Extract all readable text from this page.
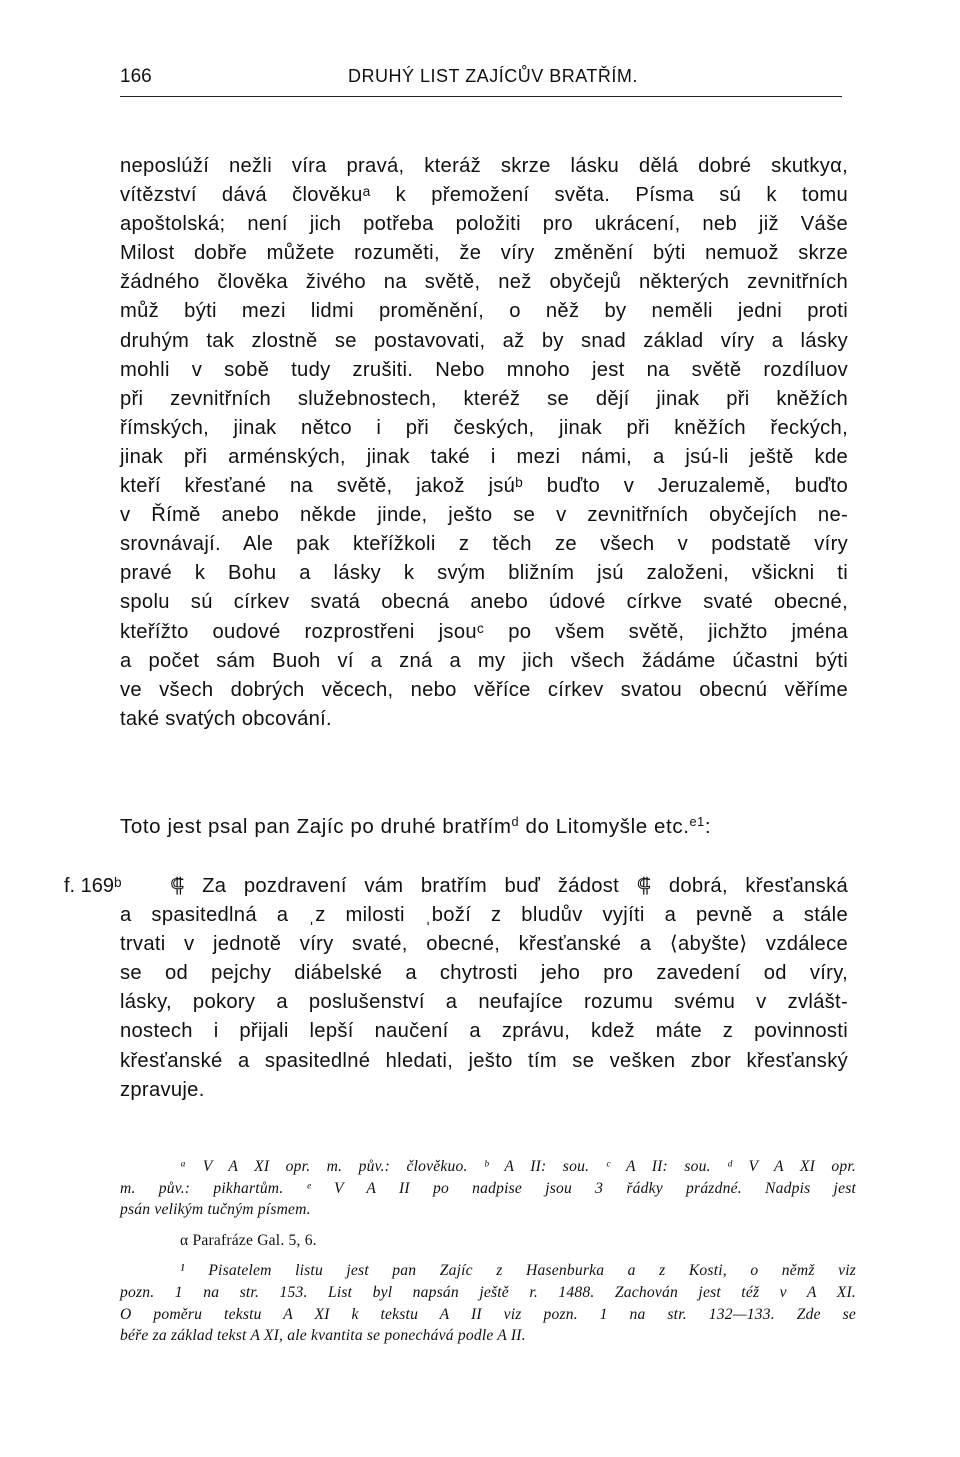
166	DRUHÝ LIST ZAJÍCŮV BRATŘÍM.
neposlúží nežli víra pravá, kteráž skrze lásku dělá dobré skutkyα,
vítězství dává člověkuᵃ k přemožení světa. Písma sú k tomu
apoštolská; není jich potřeba položiti pro ukrácení, neb již Váše
Milost dobře můžete rozuměti, že víry změnění býti nemuož skrze
žádného člověka živého na světě, než obyčejů některých zevnitřních
můž býti mezi lidmi proměnění, o něž by neměli jedni proti
druhým tak zlostně se postavovati, až by snad základ víry a lásky
mohli v sobě tudy zrušiti. Nebo mnoho jest na světě rozdíluov
při zevnitřních služebnostech, kteréž se dějí jinak při kněžích
římských, jinak nětco i při českých, jinak při kněžích řeckých,
jinak při arménských, jinak také i mezi námi, a jsú-li ještě kde
kteří křesťané na světě, jakož jsúᵇ buďto v Jeruzalemě, buďto
v Římě anebo někde jinde, ješto se v zevnitřních obyčejích ne-
srovnávají. Ale pak kteřížkoli z těch ze všech v podstatě víry
pravé k Bohu a lásky k svým bližním jsú založeni, všickni ti
spolu sú církev svatá obecná anebo údové církve svaté obecné,
kteřížto oudové rozprostřeni jsouᶜ po všem světě, jichžto jména
a počet sám Buoh ví a zná a my jich všech žádáme účastni býti
ve všech dobrých věcech, nebo věříce církev svatou obecnú věříme
také svatých obcování.
Toto jest psal pan Zajíc po druhé bratřím$^d$ do Litomyšle etc.$^{e1}$:
f. 169ᵇ	⸿ Za pozdravení vám bratřím buď žádost ⸿ dobrá, křesťanská
a spasitedlná a ˌz milosti ˌboží z bludův vyjíti a pevně a stále
trvati v jednotě víry svaté, obecné, křesťanské a ⟨abyšte⟩ vzdálece
se od pejchy diábelské a chytrosti jeho pro zavedení od víry,
lásky, pokory a poslušenství a neufajíce rozumu svému v zvlášt-
nostech i přijali lepší naučení a zprávu, kdež máte z povinnosti
křesťanské a spasitedlné hledati, ješto tím se vešken zbor křesťanský
zpravuje.
ᵃ V A XI opr. m. pův.: člověkuo. ᵇ A II: sou. ᶜ A II: sou. ᵈ V A XI opr.
m. pův.: pikhartům. ᵉ V A II po nadpise jsou 3 řádky prázdné. Nadpis jest
psán velikým tučným písmem.
α Parafráze Gal. 5, 6.
¹ Pisatelem listu jest pan Zajíc z Hasenburka a z Kosti, o němž viz
pozn. 1 na str. 153. List byl napsán ještě r. 1488. Zachován jest též v A XI.
O poměru tekstu A XI k tekstu A II viz pozn. 1 na str. 132—133. Zde se
béře za základ tekst A XI, ale kvantita se ponechává podle A II.
